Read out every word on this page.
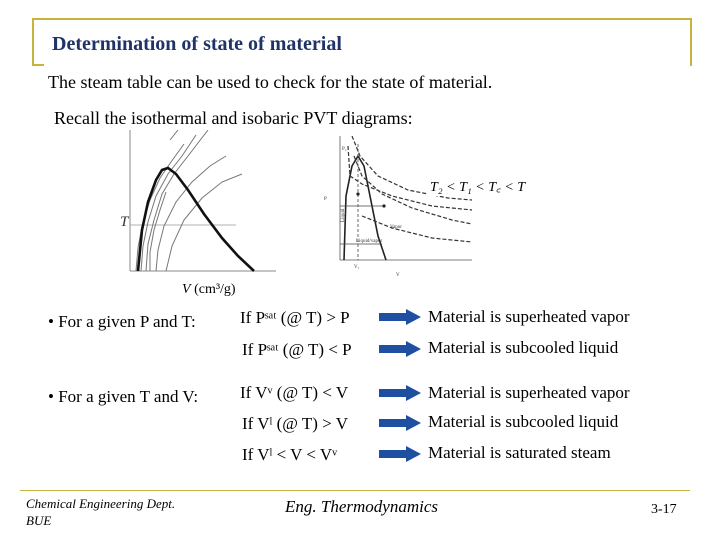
Determination of state of material
The steam table can be used to check for the state of material.
Recall the isothermal and isobaric PVT diagrams:
T
V (cm³/g)
P꜀
P
Liquid
Liquid/vapor
Vapor
V꜀
V
T₂ < T₁ < T꜀ < T
• For a given P and T:	If Pˢᵃᵗ (@ T) > P	Material is superheated vapor
If Pˢᵃᵗ (@ T) < P	Material is subcooled liquid
• For a given T and V: If Vᵛ (@ T) < V	Material is superheated vapor
If Vˡ (@ T) > V	Material is subcooled liquid
If Vˡ < V < Vᵛ	Material is saturated steam
Chemical Engineering Dept.
BUE
Eng. Thermodynamics	3-17
